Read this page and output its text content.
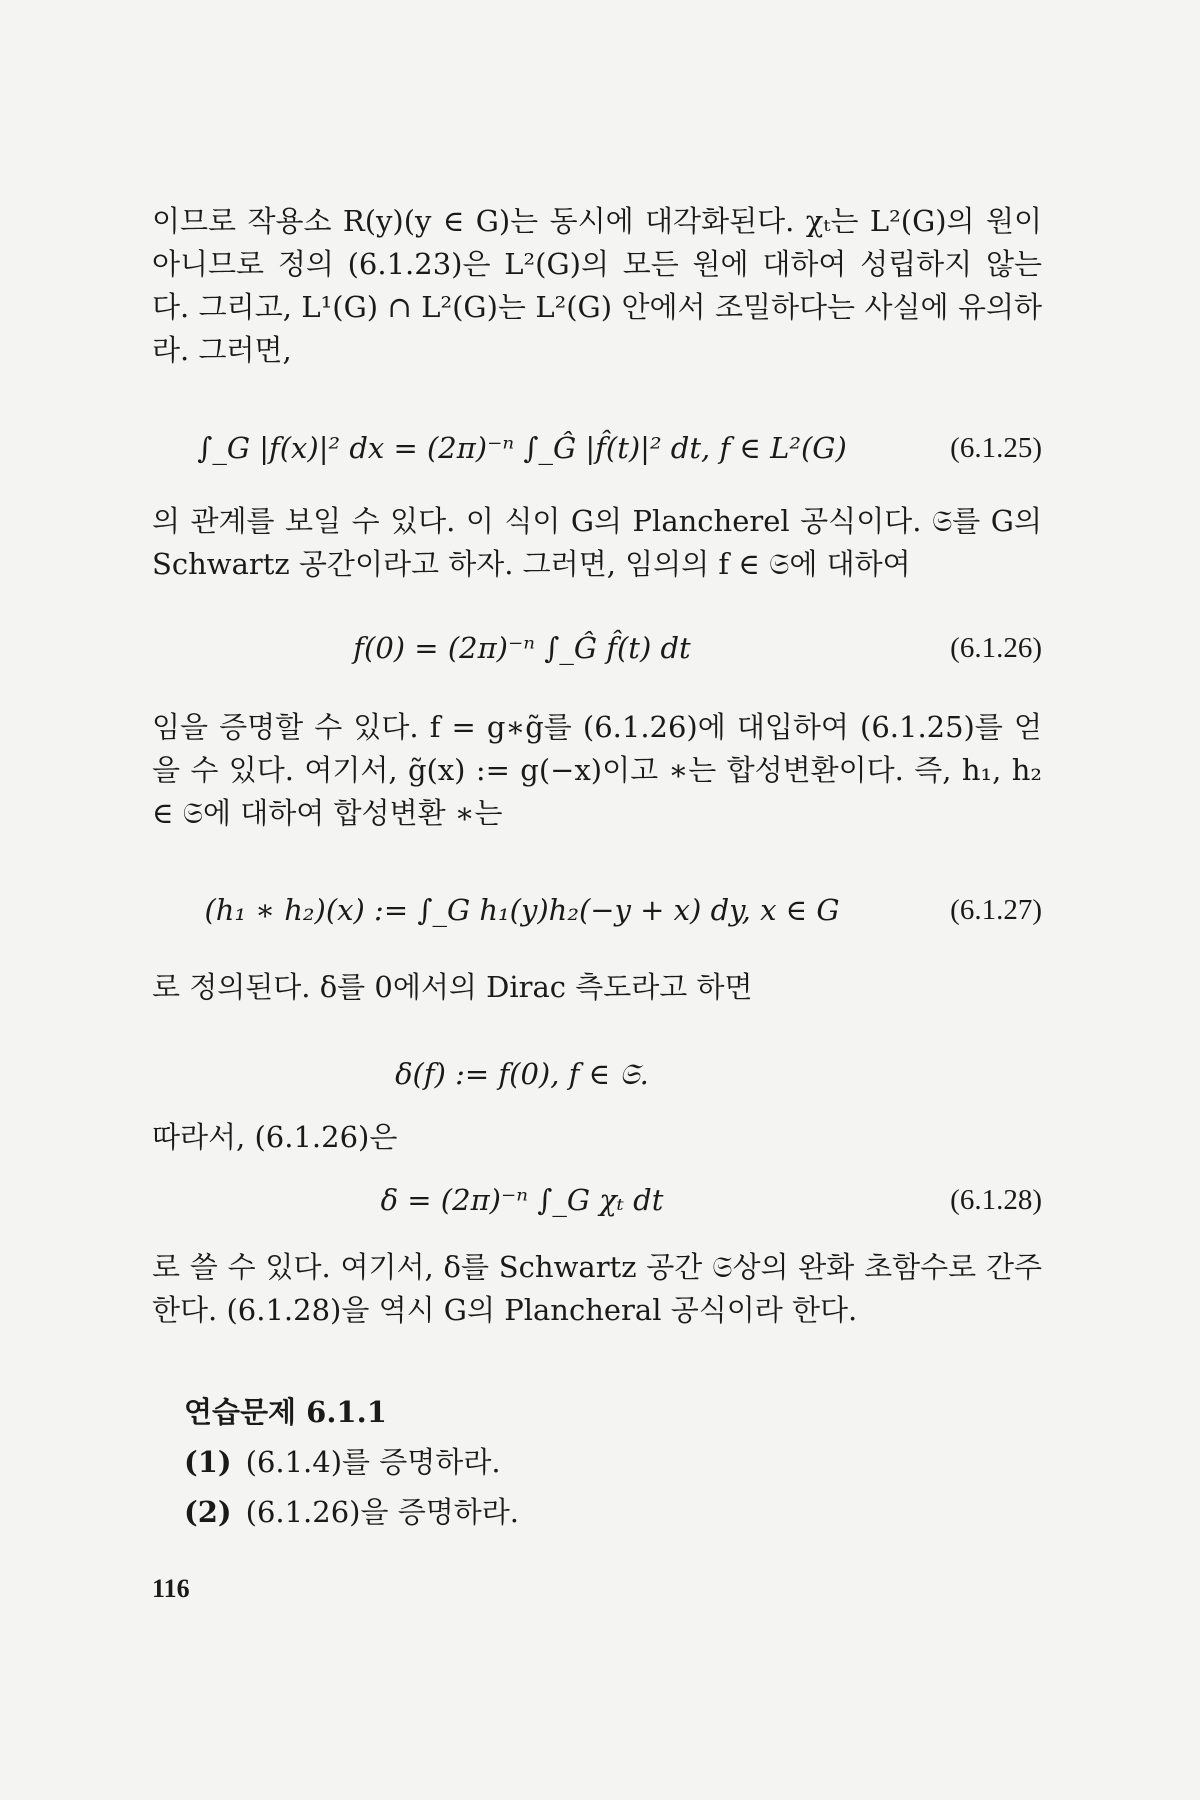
이므로 작용소 R(y)(y ∈ G)는 동시에 대각화된다. χₜ는 L²(G)의 원이 아니므로 정의 (6.1.23)은 L²(G)의 모든 원에 대하여 성립하지 않는다. 그리고, L¹(G) ∩ L²(G)는 L²(G) 안에서 조밀하다는 사실에 유의하라. 그러면,

∫_G |f(x)|² dx = (2π)⁻ⁿ ∫_Ĝ |f̂(t)|² dt, f ∈ L²(G)	(6.1.25)

의 관계를 보일 수 있다. 이 식이 G의 Plancherel 공식이다. 𝔖를 G의 Schwartz 공간이라고 하자. 그러면, 임의의 f ∈ 𝔖에 대하여

f(0) = (2π)⁻ⁿ ∫_Ĝ f̂(t) dt	(6.1.26)

임을 증명할 수 있다. f = g∗g̃를 (6.1.26)에 대입하여 (6.1.25)를 얻을 수 있다. 여기서, g̃(x) := g(−x)이고 ∗는 합성변환이다. 즉, h₁, h₂ ∈ 𝔖에 대하여 합성변환 ∗는

(h₁ ∗ h₂)(x) := ∫_G h₁(y)h₂(−y + x) dy, x ∈ G	(6.1.27)

로 정의된다. δ를 0에서의 Dirac 측도라고 하면

δ(f) := f(0), f ∈ 𝔖.

따라서, (6.1.26)은

δ = (2π)⁻ⁿ ∫_G χₜ dt	(6.1.28)

로 쓸 수 있다. 여기서, δ를 Schwartz 공간 𝔖상의 완화 초함수로 간주한다. (6.1.28)을 역시 G의 Plancheral 공식이라 한다.

연습문제 6.1.1
(1) (6.1.4)를 증명하라.
(2) (6.1.26)을 증명하라.
116
